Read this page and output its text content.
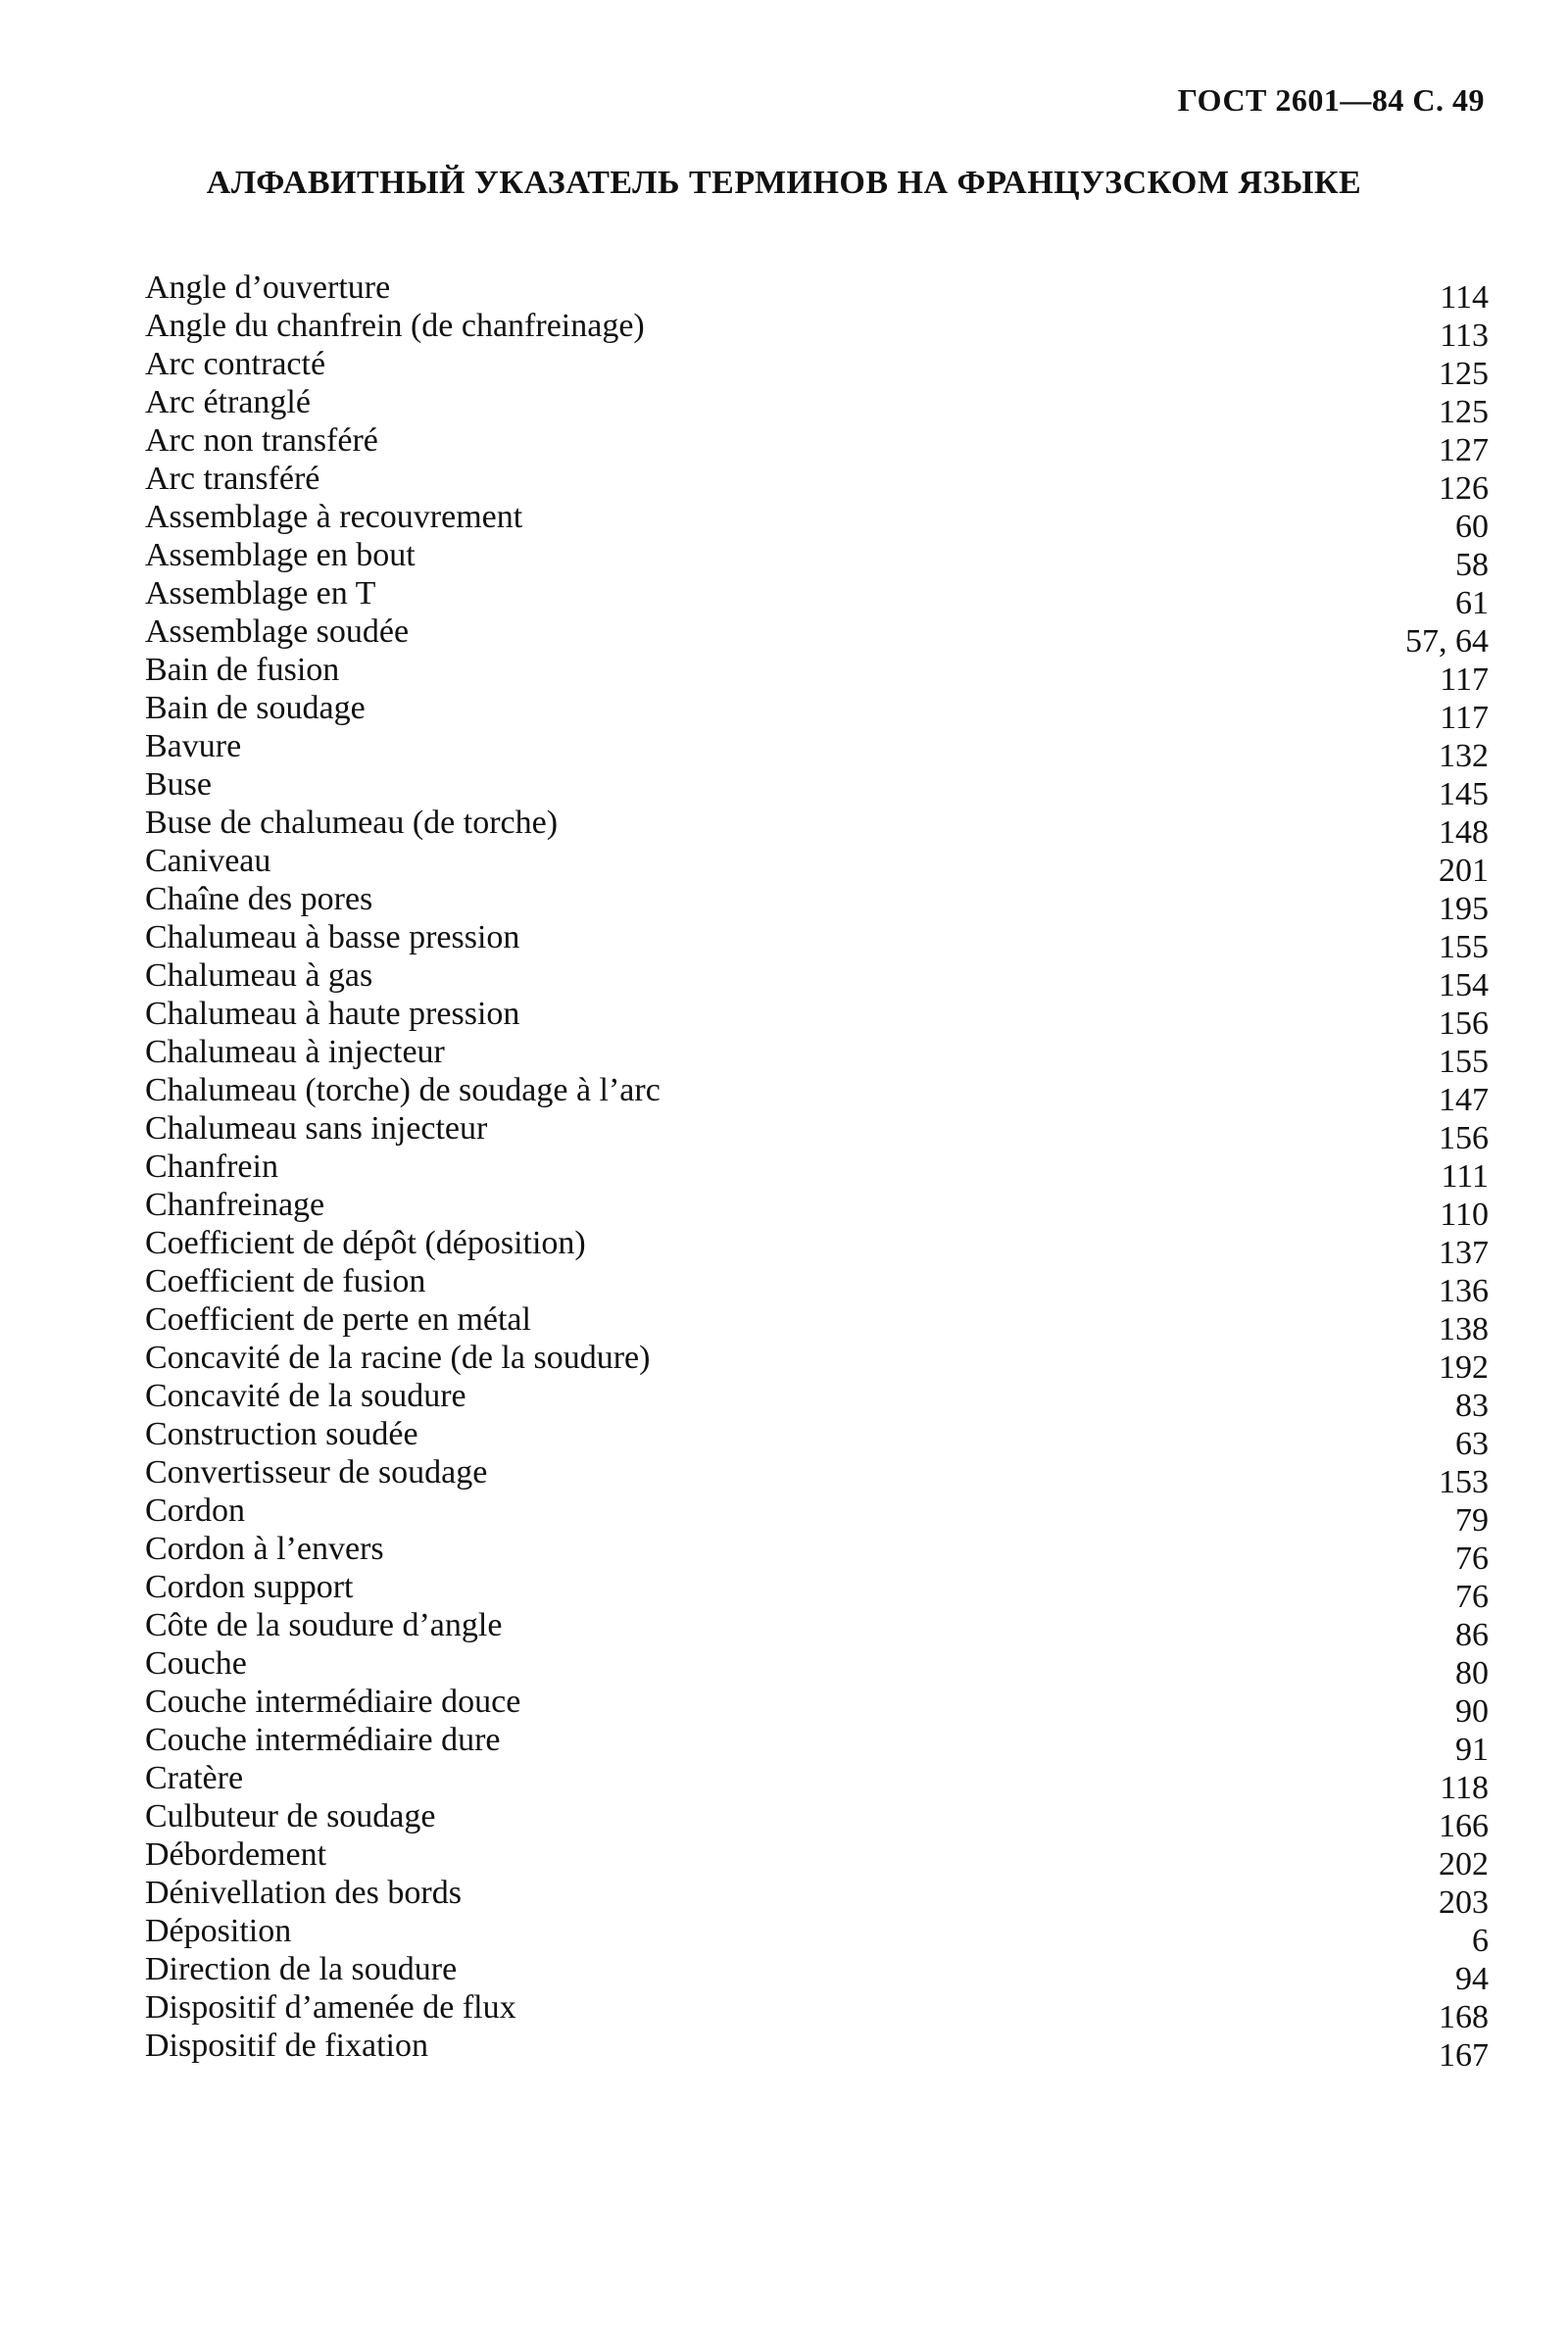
ГОСТ 2601—84 С. 49
АЛФАВИТНЫЙ УКАЗАТЕЛЬ ТЕРМИНОВ НА ФРАНЦУЗСКОМ ЯЗЫКЕ
Angle d’ouverture	114
Angle du chanfrein (de chanfreinage)	113
Arc contracté	125
Arc étranglé	125
Arc non transféré	127
Arc transféré	126
Assemblage à recouvrement	60
Assemblage en bout	58
Assemblage en T	61
Assemblage soudée	57, 64
Bain de fusion	117
Bain de soudage	117
Bavure	132
Buse	145
Buse de chalumeau (de torche)	148
Caniveau	201
Chaîne des pores	195
Chalumeau à basse pression	155
Chalumeau à gas	154
Chalumeau à haute pression	156
Chalumeau à injecteur	155
Chalumeau (torche) de soudage à l’arc	147
Chalumeau sans injecteur	156
Chanfrein	111
Chanfreinage	110
Coefficient de dépôt (déposition)	137
Coefficient de fusion	136
Coefficient de perte en métal	138
Concavité de la racine (de la soudure)	192
Concavité de la soudure	83
Construction soudée	63
Convertisseur de soudage	153
Cordon	79
Cordon à l’envers	76
Cordon support	76
Côte de la soudure d’angle	86
Couche	80
Couche intermédiaire douce	90
Couche intermédiaire dure	91
Cratère	118
Culbuteur de soudage	166
Débordement	202
Dénivellation des bords	203
Déposition	6
Direction de la soudure	94
Dispositif d’amenée de flux	168
Dispositif de fixation	167
